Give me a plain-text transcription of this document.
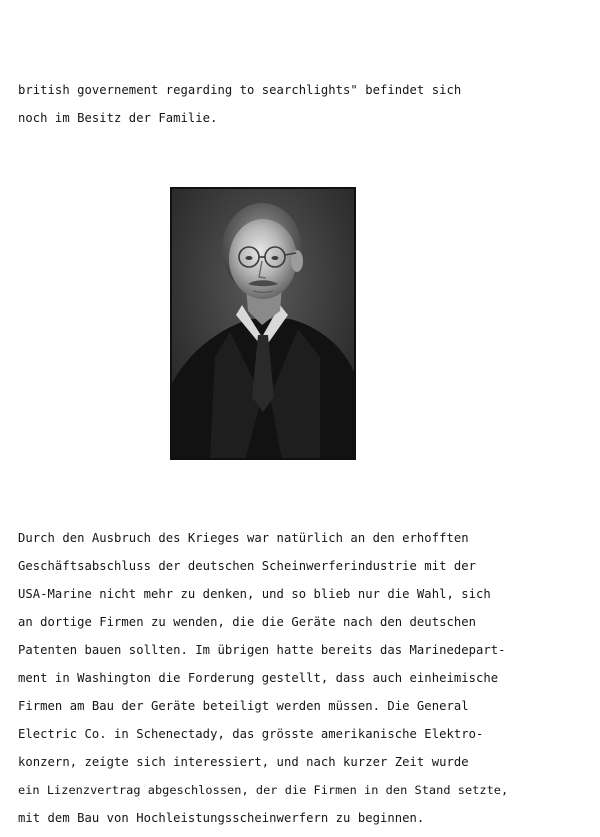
british governement regarding to searchlights" befindet sich
noch im Besitz der Familie.
Durch den Ausbruch des Krieges war natürlich an den erhofften
Geschäftsabschluss der deutschen Scheinwerferindustrie mit der
USA-Marine nicht mehr zu denken, und so blieb nur die Wahl, sich
an dortige Firmen zu wenden, die die Geräte nach den deutschen
Patenten bauen sollten. Im übrigen hatte bereits das Marinedepart-
ment in Washington die Forderung gestellt, dass auch einheimische
Firmen am Bau der Geräte beteiligt werden müssen. Die General
Electric Co. in Schenectady, das grösste amerikanische Elektro-
konzern, zeigte sich interessiert, und nach kurzer Zeit wurde
ein Lizenzvertrag abgeschlossen, der die Firmen in den Stand setzte,
mit dem Bau von Hochleistungsscheinwerfern zu beginnen.
